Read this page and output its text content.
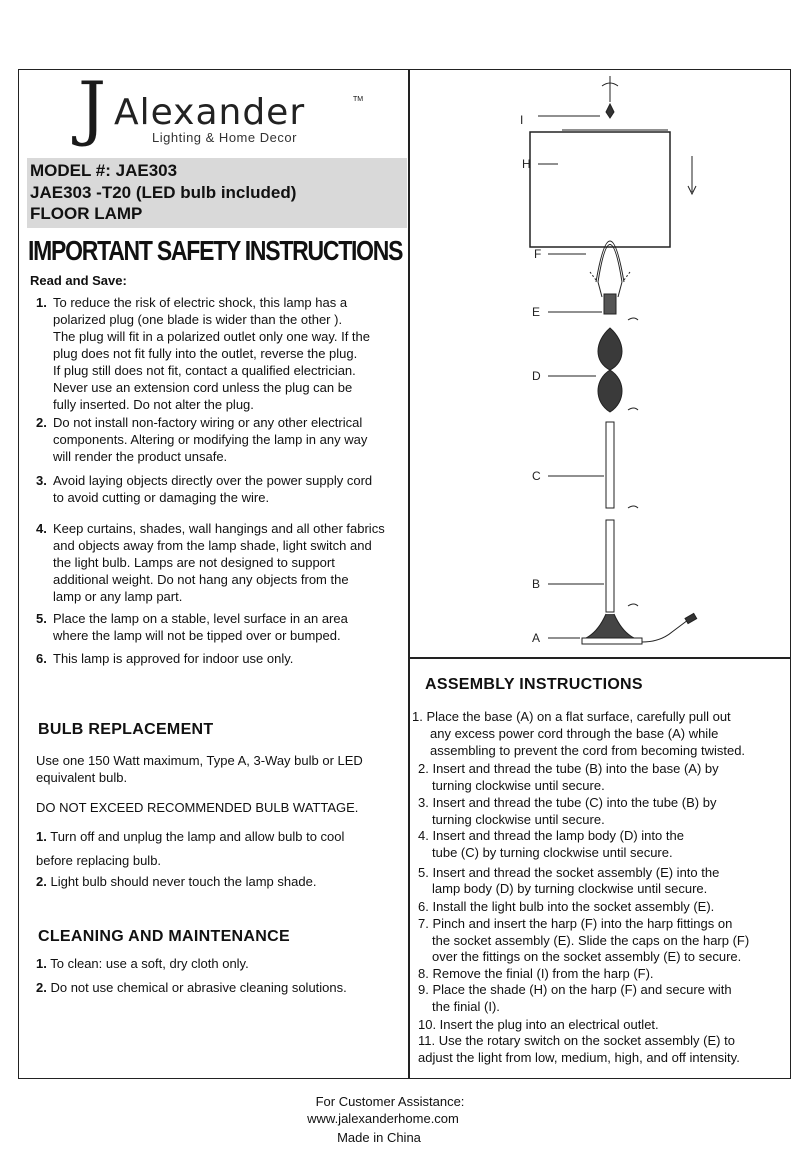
J Alexander	TM
Lighting & Home Decor
MODEL #: JAE303
JAE303 -T20 (LED bulb included)
FLOOR LAMP
IMPORTANT SAFETY INSTRUCTIONS
Read and Save:
1. To reduce the risk of electric shock, this lamp has a
polarized plug (one blade is wider than the other ).
The plug will fit in a polarized outlet only one way. If the
plug does not fit fully into the outlet, reverse the plug.
If plug still does not fit, contact a qualified electrician.
Never use an extension cord unless the plug can be
fully inserted. Do not alter the plug.
2. Do not install non-factory wiring or any other electrical
components. Altering or modifying the lamp in any way
will render the product unsafe.
3. Avoid laying objects directly over the power supply cord
to avoid cutting or damaging the wire.
4. Keep curtains, shades, wall hangings and all other fabrics
and objects away from the lamp shade, light switch and
the light bulb. Lamps are not designed to support
additional weight. Do not hang any objects from the
lamp or any lamp part.
5. Place the lamp on a stable, level surface in an area
where the lamp will not be tipped over or bumped.
6. This lamp is approved for indoor use only.
BULB REPLACEMENT
Use one 150 Watt maximum, Type A, 3-Way bulb or LED
equivalent bulb.
DO NOT EXCEED RECOMMENDED BULB WATTAGE.
1. Turn off and unplug the lamp and allow bulb to cool
before replacing bulb.
2. Light bulb should never touch the lamp shade.
CLEANING AND MAINTENANCE
1. To clean: use a soft, dry cloth only.
2. Do not use chemical or abrasive cleaning solutions.
I
H
F
E
D
C
B
A
ASSEMBLY INSTRUCTIONS
1. Place the base (A) on a flat surface, carefully pull out
any excess power cord through the base (A) while
assembling to prevent the cord from becoming twisted.
2. Insert and thread the tube (B) into the base (A) by
turning clockwise until secure.
3. Insert and thread the tube (C) into the tube (B) by
turning clockwise until secure.
4. Insert and thread the lamp body (D) into the
tube (C) by turning clockwise until secure.
5. Insert and thread the socket assembly (E) into the
lamp body (D) by turning clockwise until secure.
6. Install the light bulb into the socket assembly (E).
7. Pinch and insert the harp (F) into the harp fittings on
the socket assembly (E). Slide the caps on the harp (F)
over the fittings on the socket assembly (E) to secure.
8. Remove the finial (I) from the harp (F).
9. Place the shade (H) on the harp (F) and secure with
the finial (I).
10. Insert the plug into an electrical outlet.
11. Use the rotary switch on the socket assembly (E) to
adjust the light from low, medium, high, and off intensity.
For Customer Assistance:
www.jalexanderhome.com
Made in China
